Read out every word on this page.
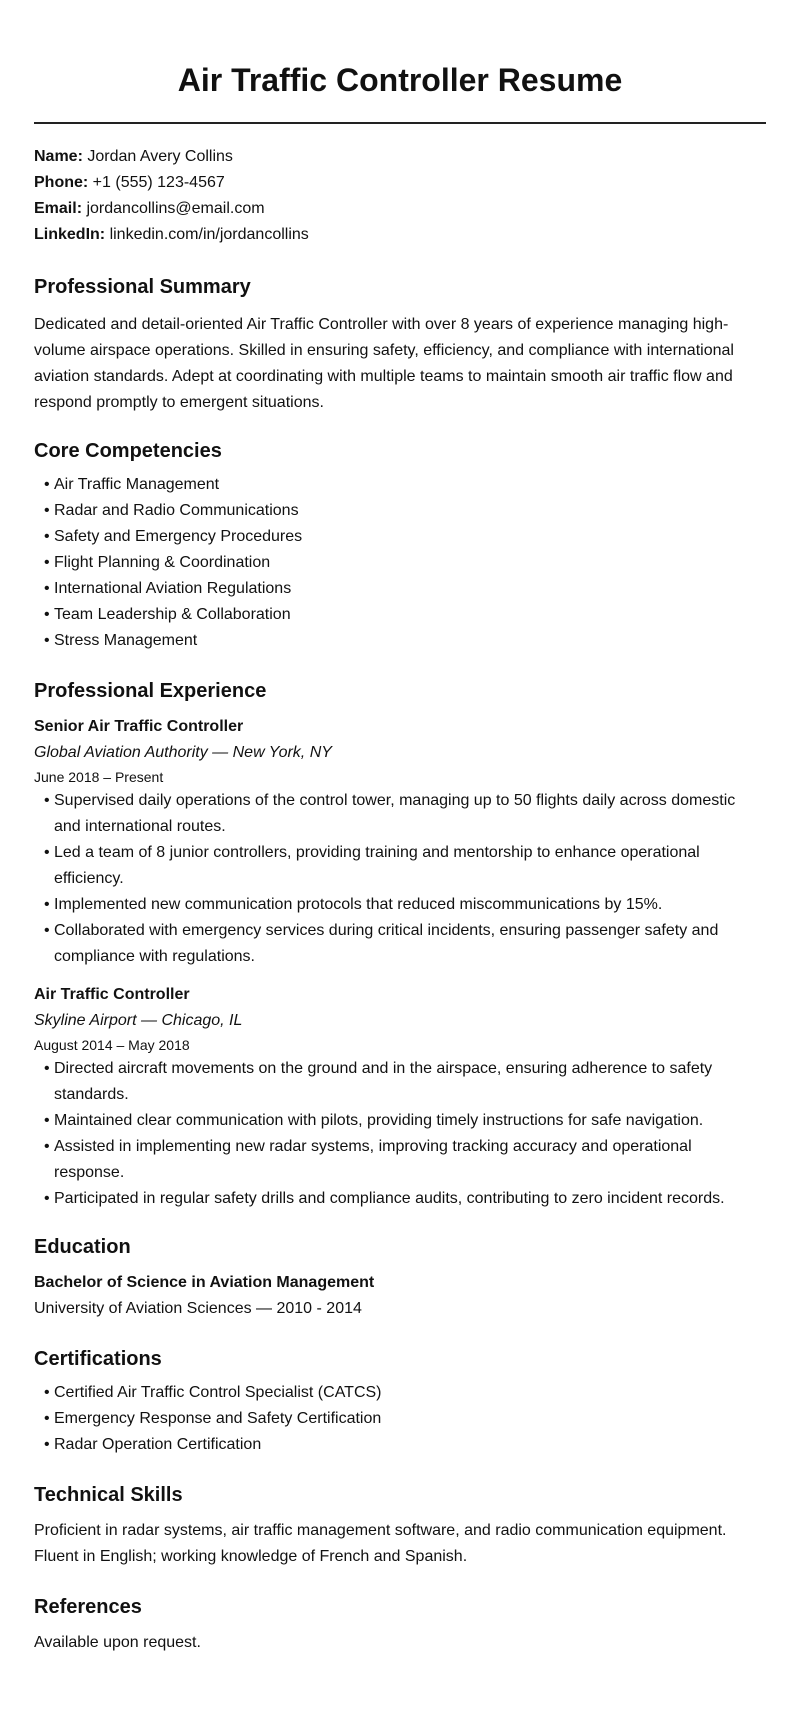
Air Traffic Controller Resume
Name: Jordan Avery Collins
Phone: +1 (555) 123-4567
Email: jordancollins@email.com
LinkedIn: linkedin.com/in/jordancollins
Professional Summary

Dedicated and detail-oriented Air Traffic Controller with over 8 years of experience managing high-volume airspace operations. Skilled in ensuring safety, efficiency, and compliance with international aviation standards. Adept at coordinating with multiple teams to maintain smooth air traffic flow and respond promptly to emergent situations.

Core Competencies
• Air Traffic Management
• Radar and Radio Communications
• Safety and Emergency Procedures
• Flight Planning & Coordination
• International Aviation Regulations
• Team Leadership & Collaboration
• Stress Management
Professional Experience
Senior Air Traffic Controller
Global Aviation Authority — New York, NY
June 2018 – Present
• Supervised daily operations of the control tower, managing up to 50 flights daily across domestic and international routes.
• Led a team of 8 junior controllers, providing training and mentorship to enhance operational efficiency.
• Implemented new communication protocols that reduced miscommunications by 15%.
• Collaborated with emergency services during critical incidents, ensuring passenger safety and compliance with regulations.
Air Traffic Controller
Skyline Airport — Chicago, IL
August 2014 – May 2018
• Directed aircraft movements on the ground and in the airspace, ensuring adherence to safety standards.
• Maintained clear communication with pilots, providing timely instructions for safe navigation.
• Assisted in implementing new radar systems, improving tracking accuracy and operational response.
• Participated in regular safety drills and compliance audits, contributing to zero incident records.
Education
Bachelor of Science in Aviation Management

University of Aviation Sciences — 2010 - 2014

Certifications
• Certified Air Traffic Control Specialist (CATCS)
• Emergency Response and Safety Certification
• Radar Operation Certification
Technical Skills

Proficient in radar systems, air traffic management software, and radio communication equipment. Fluent in English; working knowledge of French and Spanish.

References

Available upon request.
